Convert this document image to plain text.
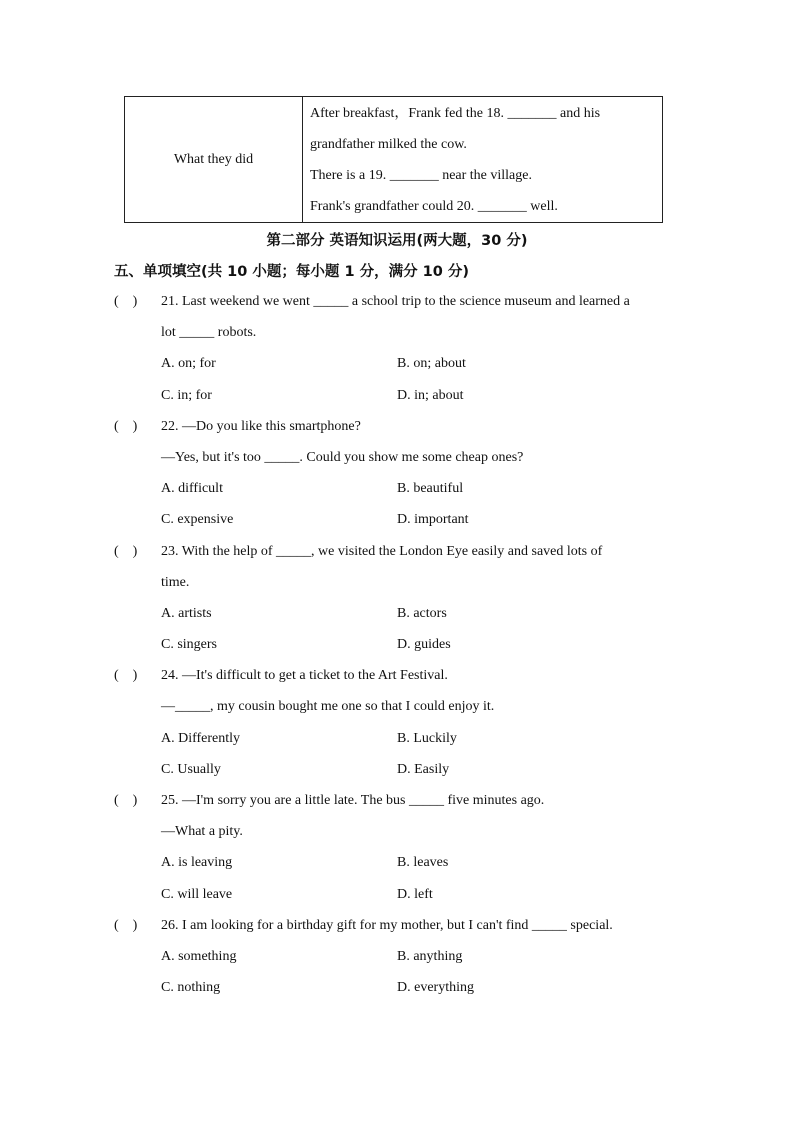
What they did	
After breakfast，Frank fed the 18. _______ and his
grandfather milked the cow.
There is a 19. _______ near the village.
Frank's grandfather could 20. _______ well.
第二部分 英语知识运用(两大题，30 分)
五、单项填空(共 10 小题；每小题 1 分，满分 10 分)
(    )	21. Last weekend we went _____ a school trip to the science museum and learned a
lot _____ robots.
A. on; for	B. on; about
C. in; for	D. in; about
(    )	22. —Do you like this smartphone?
—Yes, but it's too _____. Could you show me some cheap ones?
A. difficult	B. beautiful
C. expensive	D. important
(    )	23. With the help of _____, we visited the London Eye easily and saved lots of
time.
A. artists	B. actors
C. singers	D. guides
(    )	24. —It's difficult to get a ticket to the Art Festival.
—_____, my cousin bought me one so that I could enjoy it.
A. Differently	B. Luckily
C. Usually	D. Easily
(    )	25. —I'm sorry you are a little late. The bus _____ five minutes ago.
—What a pity.
A. is leaving	B. leaves
C. will leave	D. left
(    )	26. I am looking for a birthday gift for my mother, but I can't find _____ special.
A. something	B. anything
C. nothing	D. everything
